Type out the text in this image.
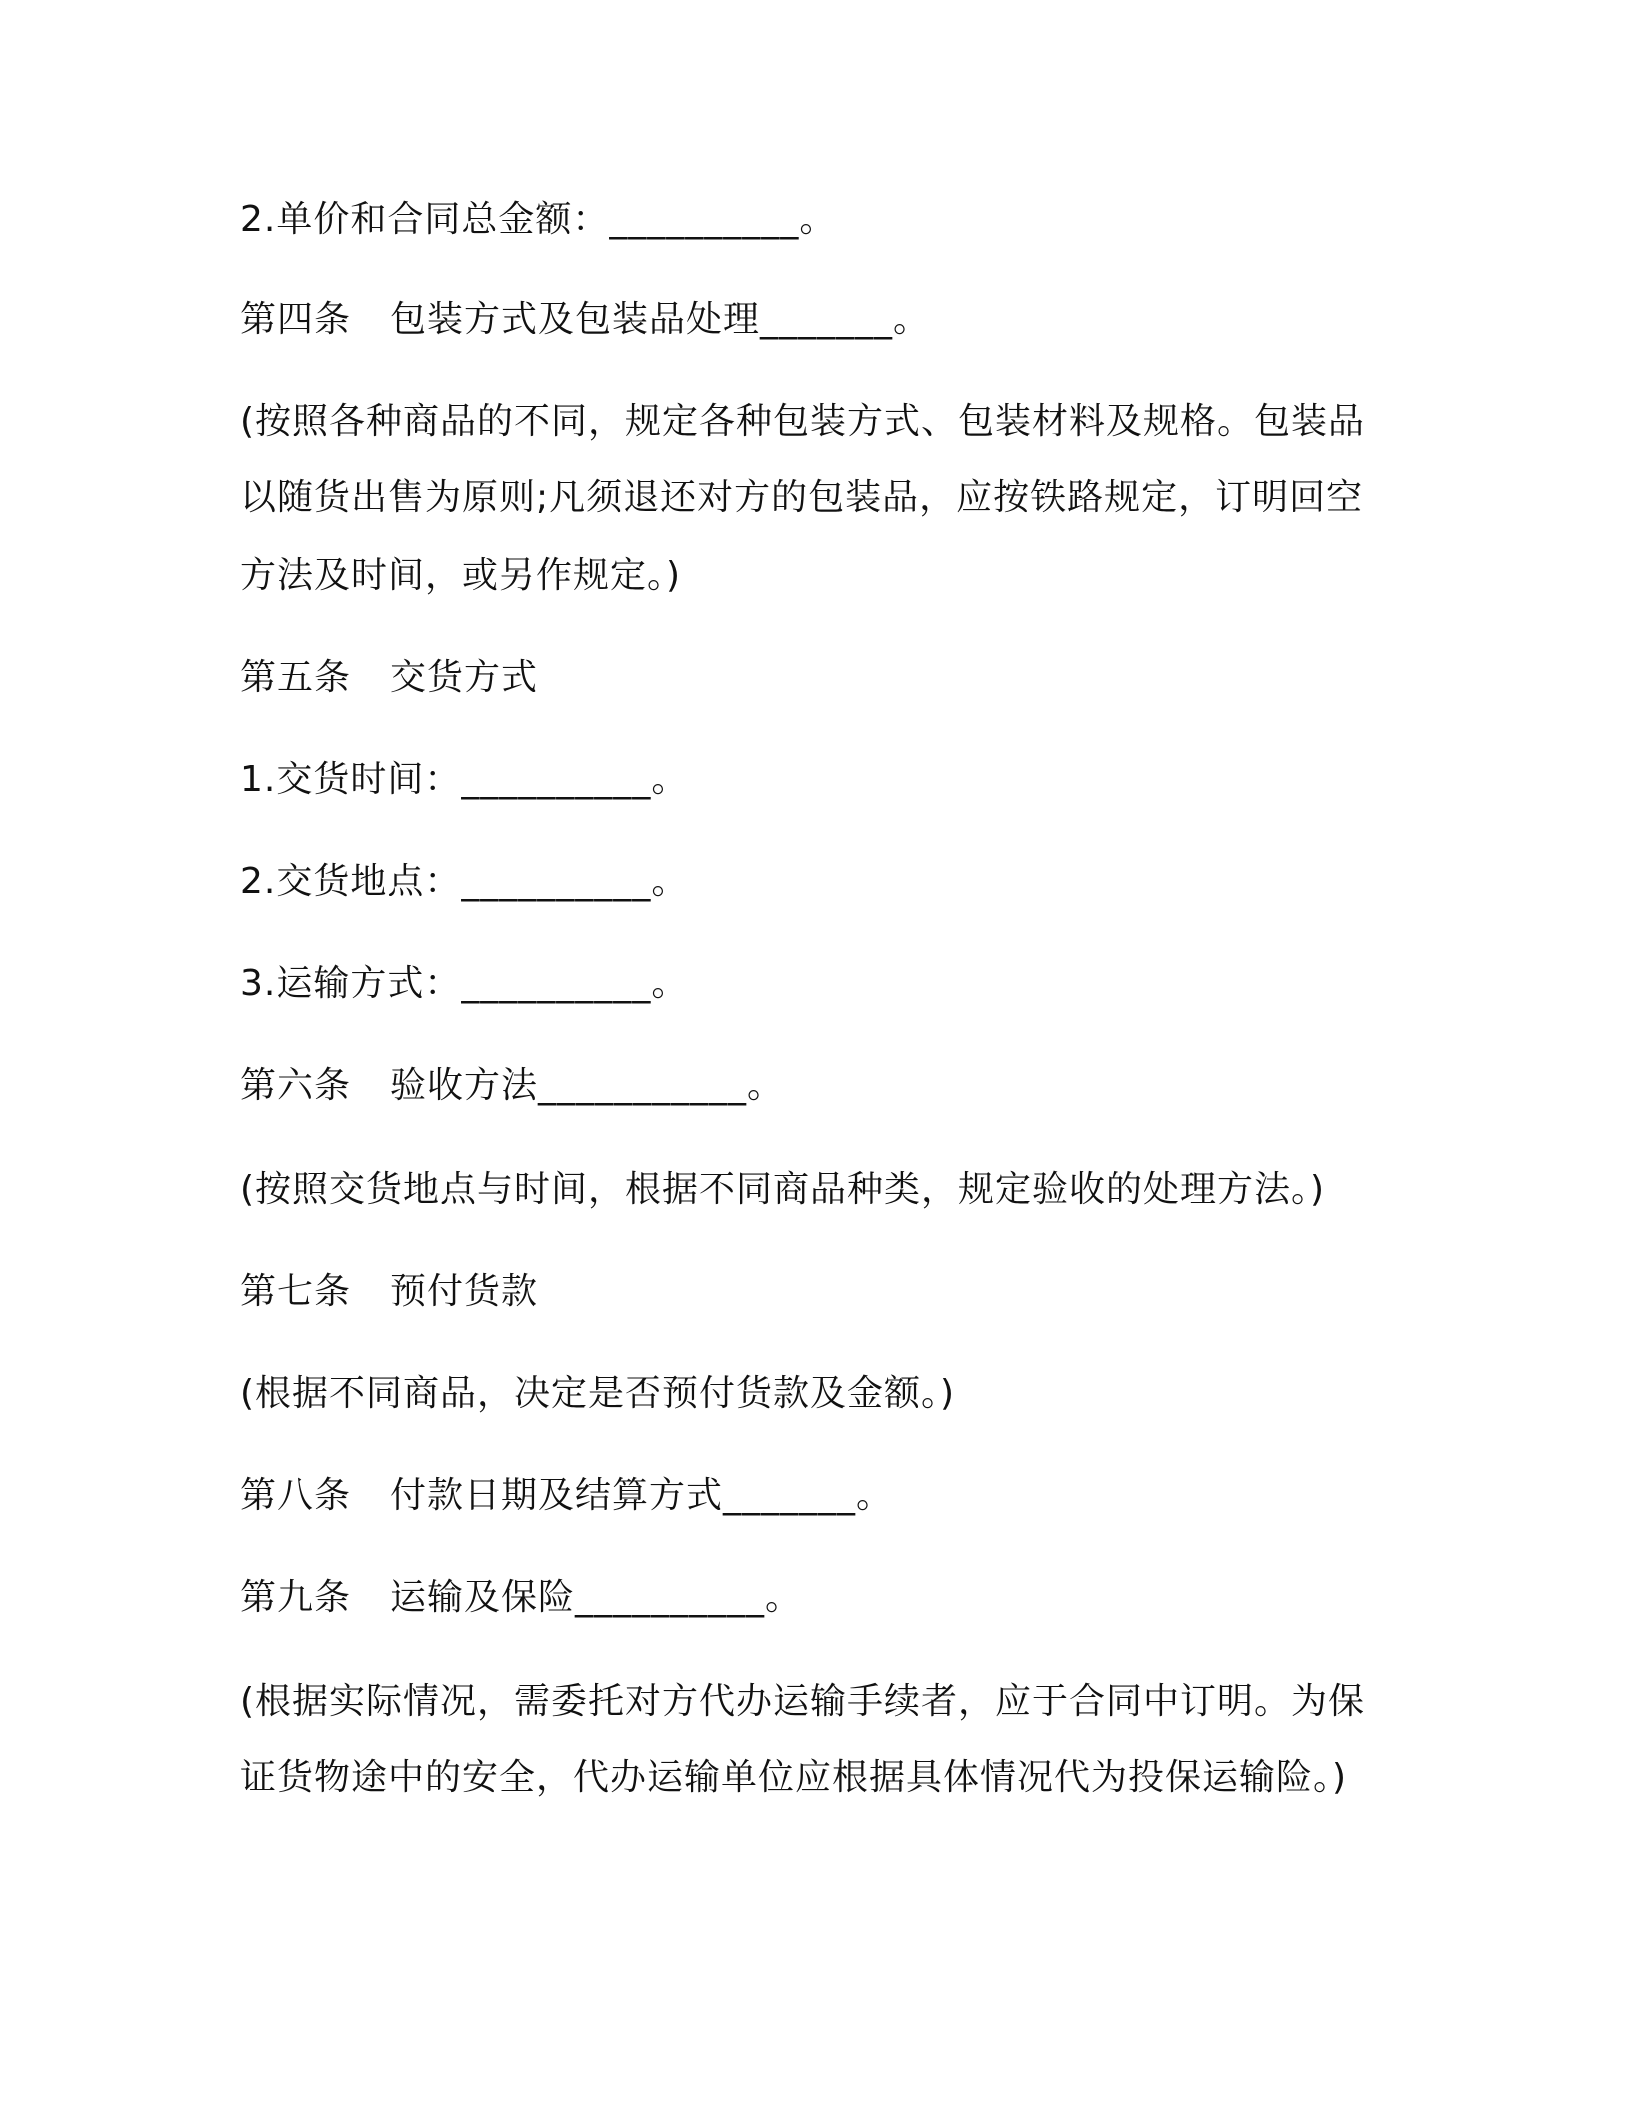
2.单价和合同总金额：__________。
第四条 包装方式及包装品处理_______。
(按照各种商品的不同，规定各种包装方式、包装材料及规格。包装品
以随货出售为原则;凡须退还对方的包装品，应按铁路规定，订明回空
方法及时间，或另作规定。)
第五条 交货方式
1.交货时间：__________。
2.交货地点：__________。
3.运输方式：__________。
第六条 验收方法___________。
(按照交货地点与时间，根据不同商品种类，规定验收的处理方法。)
第七条 预付货款
(根据不同商品，决定是否预付货款及金额。)
第八条 付款日期及结算方式_______。
第九条 运输及保险__________。
(根据实际情况，需委托对方代办运输手续者，应于合同中订明。为保
证货物途中的安全，代办运输单位应根据具体情况代为投保运输险。)
